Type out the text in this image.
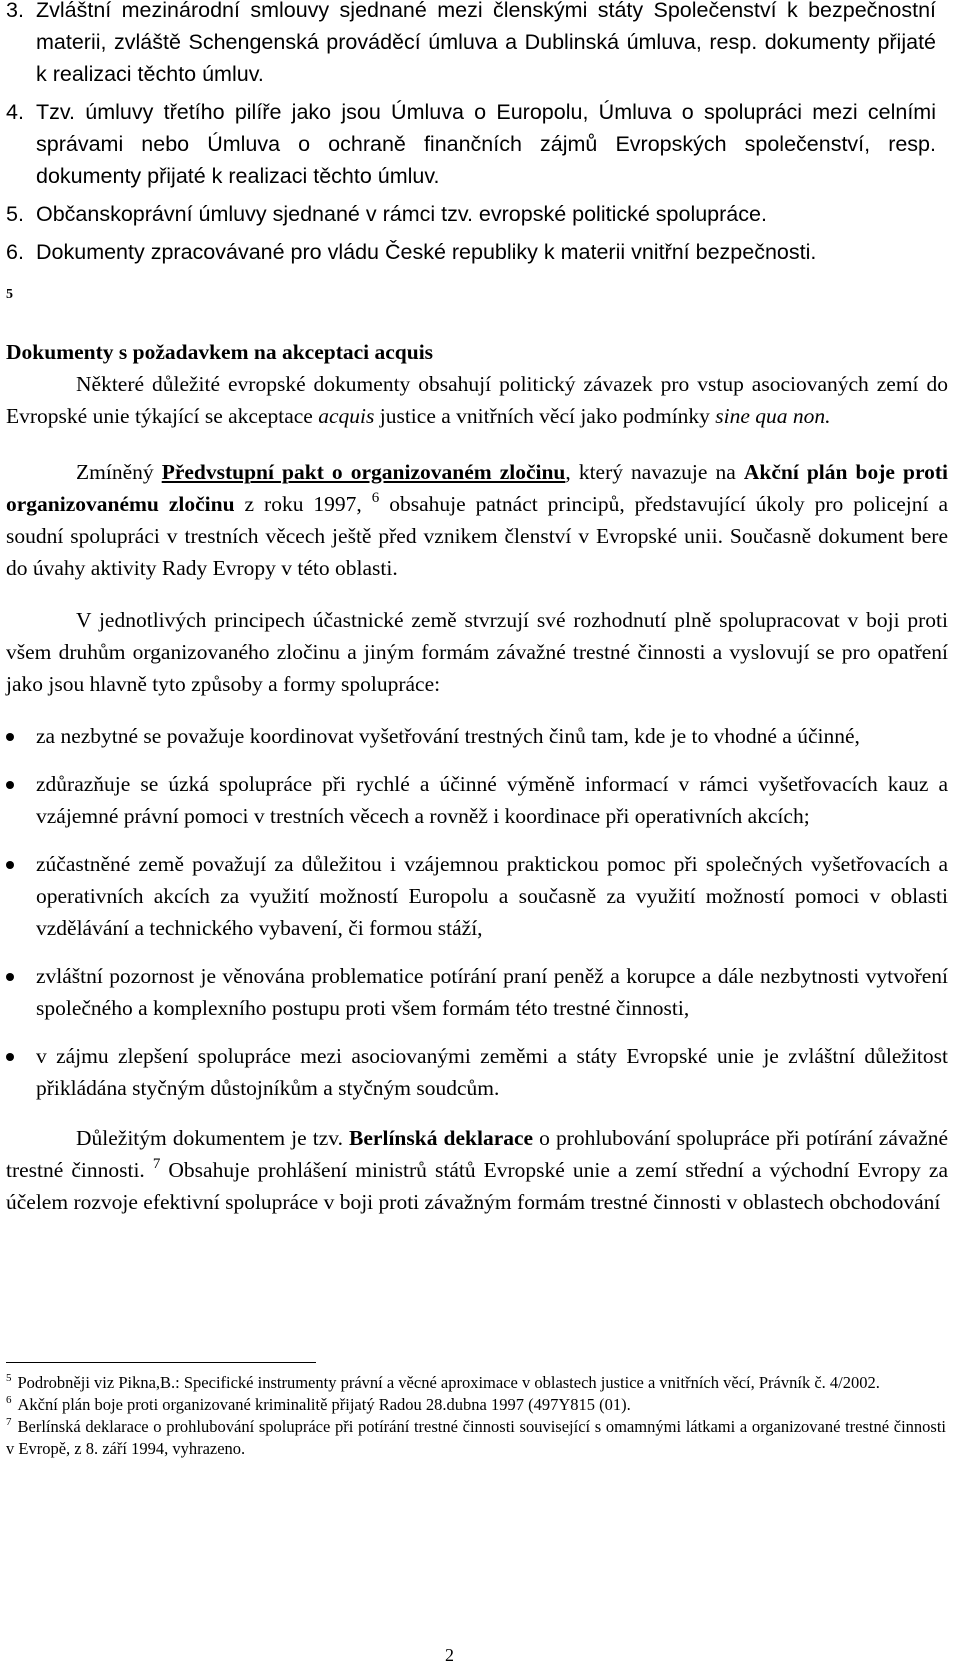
3. Zvláštní mezinárodní smlouvy sjednané mezi členskými státy Společenství k bezpečnostní materii, zvláště Schengenská prováděcí úmluva a Dublinská úmluva, resp. dokumenty přijaté k realizaci těchto úmluv.
4. Tzv. úmluvy třetího pilíře jako jsou Úmluva o Europolu, Úmluva o spolupráci mezi celními správami nebo Úmluva o ochraně finančních zájmů Evropských společenství, resp. dokumenty přijaté k realizaci těchto úmluv.
5. Občanskoprávní úmluvy sjednané v rámci tzv. evropské politické spolupráce.
6. Dokumenty zpracovávané pro vládu České republiky k materii vnitřní bezpečnosti.
5
Dokumenty s požadavkem na akceptaci acquis

Některé důležité evropské dokumenty obsahují politický závazek pro vstup asociovaných zemí do Evropské unie týkající se akceptace acquis justice a vnitřních věcí jako podmínky sine qua non.

Zmíněný Předvstupní pakt o organizovaném zločinu, který navazuje na Akční plán boje proti organizovanému zločinu z roku 1997, $^6$ obsahuje patnáct principů, představující úkoly pro policejní a soudní spolupráci v trestních věcech ještě před vznikem členství v Evropské unii. Současně dokument bere do úvahy aktivity Rady Evropy v této oblasti.

V jednotlivých principech účastnické země stvrzují své rozhodnutí plně spolupracovat v boji proti všem druhům organizovaného zločinu a jiným formám závažné trestné činnosti a vyslovují se pro opatření jako jsou hlavně tyto způsoby a formy spolupráce:

za nezbytné se považuje koordinovat vyšetřování trestných činů tam, kde je to vhodné a účinné,
zdůrazňuje se úzká spolupráce při rychlé a účinné výměně informací v rámci vyšetřovacích kauz a vzájemné právní pomoci v trestních věcech a rovněž i koordinace při operativních akcích;
zúčastněné země považují za důležitou i vzájemnou praktickou pomoc při společných vyšetřovacích a operativních akcích za využití možností Europolu a současně za využití možností pomoci v oblasti vzdělávání a technického vybavení, či formou stáží,
zvláštní pozornost je věnována problematice potírání praní peněž a korupce a dále nezbytnosti vytvoření společného a komplexního postupu proti všem formám této trestné činnosti,
v zájmu zlepšení spolupráce mezi asociovanými zeměmi a státy Evropské unie je zvláštní důležitost přikládána styčným důstojníkům a styčným soudcům.

Důležitým dokumentem je tzv. Berlínská deklarace o prohlubování spolupráce při potírání závažné trestné činnosti. $^7$ Obsahuje prohlášení ministrů států Evropské unie a zemí střední a východní Evropy za účelem rozvoje efektivní spolupráce v boji proti závažným formám trestné činnosti v oblastech obchodování

$^5$ Podrobněji viz Pikna,B.: Specifické instrumenty právní a věcné aproximace v oblastech justice a vnitřních věcí, Právník č. 4/2002.

$^6$ Akční plán boje proti organizované kriminalitě přijatý Radou 28.dubna 1997 (497Y815 (01).

$^7$ Berlínská deklarace o prohlubování spolupráce při potírání trestné činnosti související s omamnými látkami a organizované trestné činnosti v Evropě, z 8. září 1994, vyhrazeno.

2
